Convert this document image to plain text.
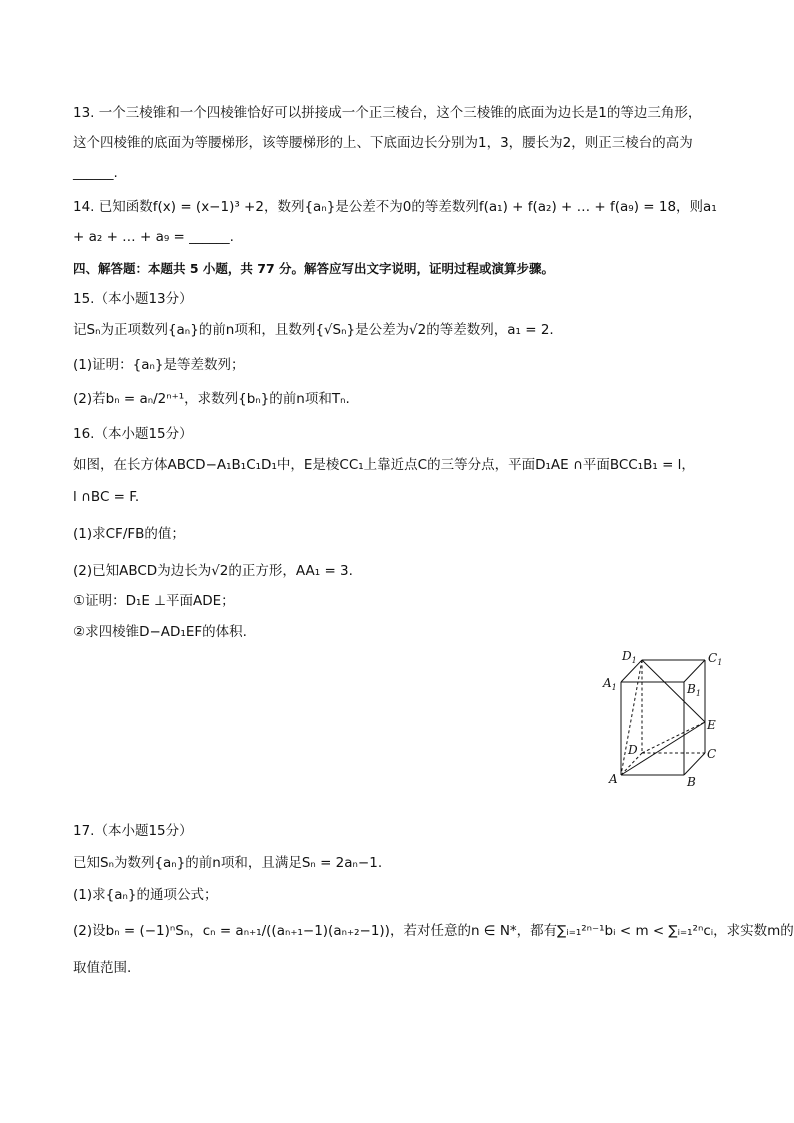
13. 一个三棱锥和一个四棱锥恰好可以拼接成一个正三棱台，这个三棱锥的底面为边长是1的等边三角形，
这个四棱锥的底面为等腰梯形，该等腰梯形的上、下底面边长分别为1，3，腰长为2，则正三棱台的高为
______.
14. 已知函数f(x) = (x−1)³ +2，数列{aₙ}是公差不为0的等差数列f(a₁) + f(a₂) + … + f(a₉) = 18，则a₁
+ a₂ + … + a₉ = ______.
四、解答题：本题共 5 小题，共 77 分。解答应写出文字说明，证明过程或演算步骤。
15.（本小题13分）
记Sₙ为正项数列{aₙ}的前n项和，且数列{√Sₙ}是公差为√2的等差数列，a₁ = 2.
(1)证明：{aₙ}是等差数列；
(2)若bₙ = aₙ/2ⁿ⁺¹，求数列{bₙ}的前n项和Tₙ.
16.（本小题15分）
如图，在长方体ABCD−A₁B₁C₁D₁中，E是棱CC₁上靠近点C的三等分点，平面D₁AE ∩平面BCC₁B₁ = l，
l ∩BC = F.
(1)求CF/FB的值；
(2)已知ABCD为边长为√2的正方形，AA₁ = 3.
①证明：D₁E ⊥平面ADE；
②求四棱锥D−AD₁EF的体积.
$D_1$	$C_1$
$A_1$	$B_1$
E
D	C
A	B
17.（本小题15分）
已知Sₙ为数列{aₙ}的前n项和，且满足Sₙ = 2aₙ−1.
(1)求{aₙ}的通项公式；
(2)设bₙ = (−1)ⁿSₙ，cₙ = aₙ₊₁/((aₙ₊₁−1)(aₙ₊₂−1))，若对任意的n ∈ N*，都有∑ᵢ₌₁²ⁿ⁻¹bᵢ < m < ∑ᵢ₌₁²ⁿcᵢ，求实数m的
取值范围.
